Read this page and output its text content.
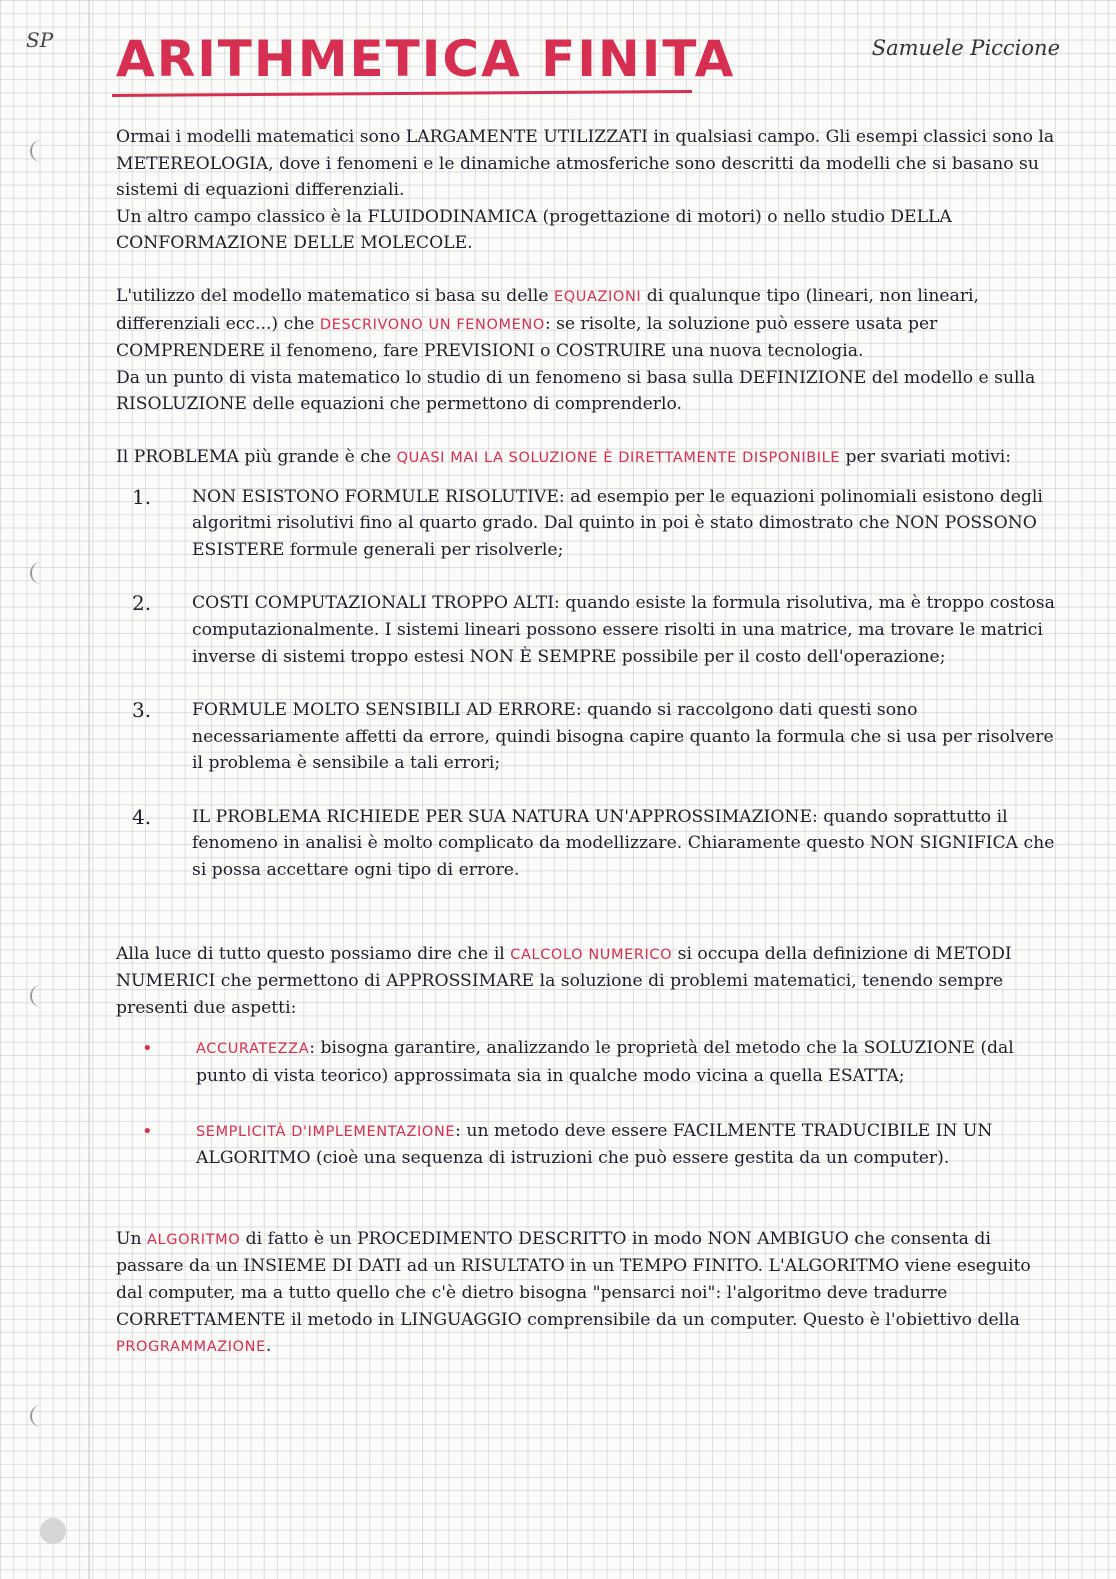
SP	Samuele Piccione
ARITHMETICA FINITA

Ormai i modelli matematici sono LARGAMENTE UTILIZZATI in qualsiasi campo. Gli esempi classici sono la METEREOLOGIA, dove i fenomeni e le dinamiche atmosferiche sono descritti da modelli che si basano su sistemi di equazioni differenziali.

Un altro campo classico è la FLUIDODINAMICA (progettazione di motori) o nello studio DELLA CONFORMAZIONE DELLE MOLECOLE.

L'utilizzo del modello matematico si basa su delle EQUAZIONI di qualunque tipo (lineari, non lineari, differenziali ecc...) che DESCRIVONO UN FENOMENO: se risolte, la soluzione può essere usata per COMPRENDERE il fenomeno, fare PREVISIONI o COSTRUIRE una nuova tecnologia.

Da un punto di vista matematico lo studio di un fenomeno si basa sulla DEFINIZIONE del modello e sulla RISOLUZIONE delle equazioni che permettono di comprenderlo.

Il PROBLEMA più grande è che QUASI MAI LA SOLUZIONE È DIRETTAMENTE DISPONIBILE per svariati motivi:

1. NON ESISTONO FORMULE RISOLUTIVE: ad esempio per le equazioni polinomiali esistono degli algoritmi risolutivi fino al quarto grado. Dal quinto in poi è stato dimostrato che NON POSSONO ESISTERE formule generali per risolverle;
2. COSTI COMPUTAZIONALI TROPPO ALTI: quando esiste la formula risolutiva, ma è troppo costosa computazionalmente. I sistemi lineari possono essere risolti in una matrice, ma trovare le matrici inverse di sistemi troppo estesi NON È SEMPRE possibile per il costo dell'operazione;
3. FORMULE MOLTO SENSIBILI AD ERRORE: quando si raccolgono dati questi sono necessariamente affetti da errore, quindi bisogna capire quanto la formula che si usa per risolvere il problema è sensibile a tali errori;
4. IL PROBLEMA RICHIEDE PER SUA NATURA UN'APPROSSIMAZIONE: quando soprattutto il fenomeno in analisi è molto complicato da modellizzare. Chiaramente questo NON SIGNIFICA che si possa accettare ogni tipo di errore.

Alla luce di tutto questo possiamo dire che il CALCOLO NUMERICO si occupa della definizione di METODI NUMERICI che permettono di APPROSSIMARE la soluzione di problemi matematici, tenendo sempre presenti due aspetti:

•	ACCURATEZZA: bisogna garantire, analizzando le proprietà del metodo che la SOLUZIONE (dal punto di vista teorico) approssimata sia in qualche modo vicina a quella ESATTA;
•	SEMPLICITÀ D'IMPLEMENTAZIONE: un metodo deve essere FACILMENTE TRADUCIBILE IN UN ALGORITMO (cioè una sequenza di istruzioni che può essere gestita da un computer).

Un ALGORITMO di fatto è un PROCEDIMENTO DESCRITTO in modo NON AMBIGUO che consenta di passare da un INSIEME DI DATI ad un RISULTATO in un TEMPO FINITO. L'ALGORITMO viene eseguito dal computer, ma a tutto quello che c'è dietro bisogna "pensarci noi": l'algoritmo deve tradurre CORRETTAMENTE il metodo in LINGUAGGIO comprensibile da un computer. Questo è l'obiettivo della PROGRAMMAZIONE.
